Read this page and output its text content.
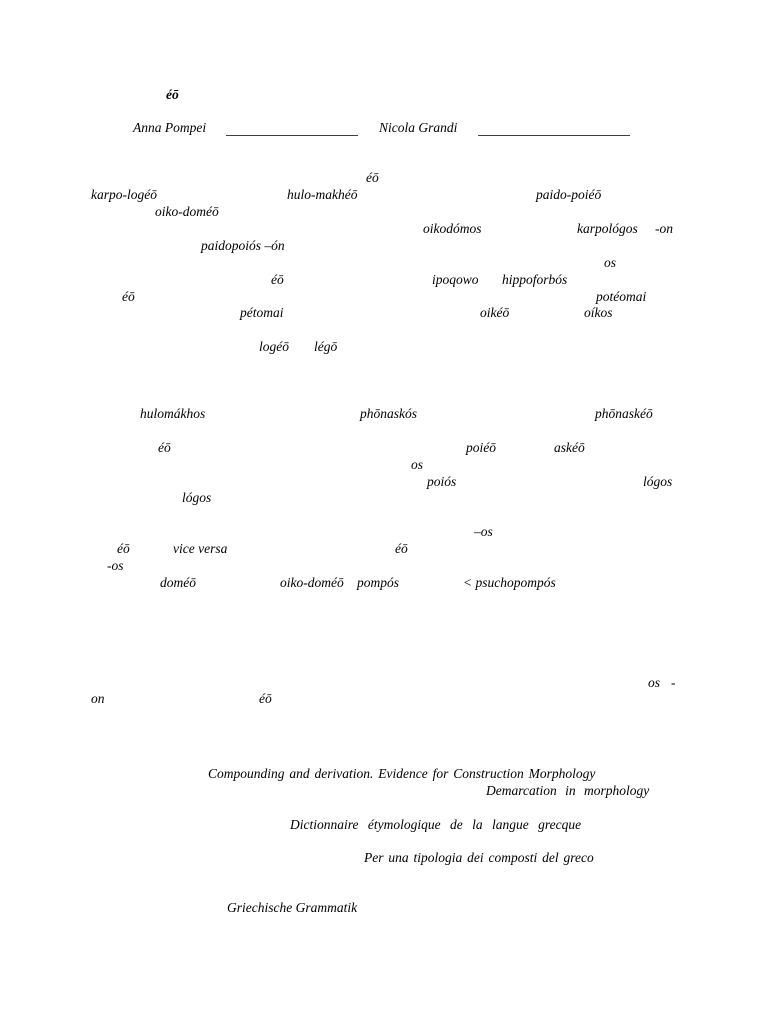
éō
Anna Pompei	Nicola Grandi
éō
karpo-logéō	hulo-makhéō	paido-poiéō
oiko-doméō
oikodómos	karpológos -on
paidopoiós –ón
os
éō	ipoqowo hippoforbós
éō	potéomai
pétomai	oikéō	oíkos
logéō légō
hulomákhos	phōnaskós	phōnaskéō
éō	poiéō	askéō
os
poiós	lógos
lógos
–os
éō	vice versa	éō
-os
doméō	oiko-doméō pompós	< psuchopompós
os -
on	éō
Compounding and derivation. Evidence for Construction Morphology
Demarcation in morphology
Dictionnaire étymologique de la langue grecque
Per una tipologia dei composti del greco
Griechische Grammatik
